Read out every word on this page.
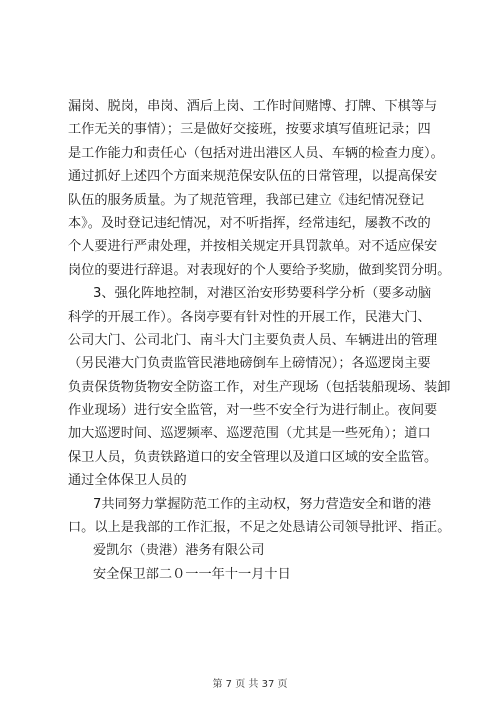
漏岗、脱岗，串岗、酒后上岗、工作时间赌博、打牌、下棋等与
工作无关的事情）；三是做好交接班，按要求填写值班记录；四
是工作能力和责任心（包括对进出港区人员、车辆的检查力度）。
通过抓好上述四个方面来规范保安队伍的日常管理，以提高保安
队伍的服务质量。为了规范管理，我部已建立《违纪情况登记
本》。及时登记违纪情况，对不听指挥，经常违纪，屡教不改的
个人要进行严肃处理，并按相关规定开具罚款单。对不适应保安
岗位的要进行辞退。对表现好的个人要给予奖励，做到奖罚分明。
3、强化阵地控制，对港区治安形势要科学分析（要多动脑
科学的开展工作）。各岗亭要有针对性的开展工作，民港大门、
公司大门、公司北门、南斗大门主要负责人员、车辆进出的管理
（另民港大门负责监管民港地磅倒车上磅情况）；各巡逻岗主要
负责保货物货物安全防盗工作，对生产现场（包括装船现场、装卸
作业现场）进行安全监管，对一些不安全行为进行制止。夜间要
加大巡逻时间、巡逻频率、巡逻范围（尤其是一些死角）；道口
保卫人员，负责铁路道口的安全管理以及道口区域的安全监管。
通过全体保卫人员的
7共同努力掌握防范工作的主动权，努力营造安全和谐的港
口。以上是我部的工作汇报，不足之处恳请公司领导批评、指正。
爱凯尔（贵港）港务有限公司
安全保卫部二０一一年十一月十日
第 7 页 共 37 页
